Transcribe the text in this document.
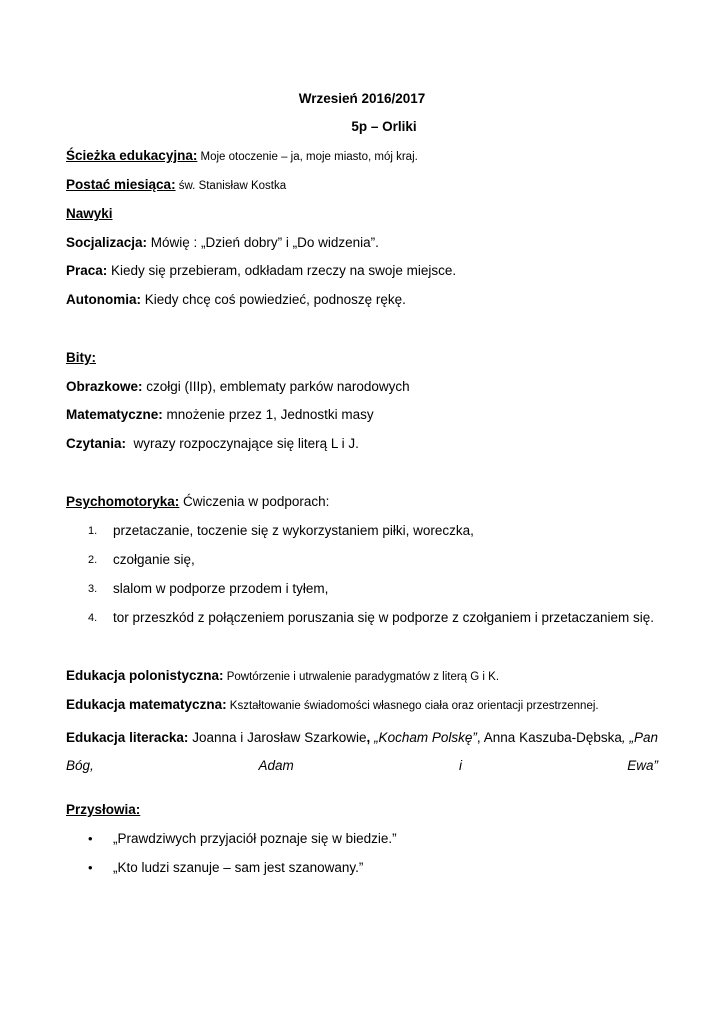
Wrzesień 2016/2017
5p – Orliki
Ścieżka edukacyjna: Moje otoczenie – ja, moje miasto, mój kraj.
Postać miesiąca: św. Stanisław Kostka
Nawyki
Socjalizacja: Mówię : „Dzień dobry” i „Do widzenia”.
Praca: Kiedy się przebieram, odkładam rzeczy na swoje miejsce.
Autonomia: Kiedy chcę coś powiedzieć, podnoszę rękę.
Bity:
Obrazkowe: czołgi (IIIp), emblematy parków narodowych
Matematyczne: mnożenie przez 1, Jednostki masy
Czytania:  wyrazy rozpoczynające się literą L i J.
Psychomotoryka: Ćwiczenia w podporach:
1. przetaczanie, toczenie się z wykorzystaniem piłki, woreczka,
2. czołganie się,
3. slalom w podporze przodem i tyłem,
4. tor przeszkód z połączeniem poruszania się w podporze z czołganiem i przetaczaniem się.
Edukacja polonistyczna: Powtórzenie i utrwalenie paradygmatów z literą G i K.
Edukacja matematyczna: Kształtowanie świadomości własnego ciała oraz orientacji przestrzennej.
Edukacja literacka: Joanna i Jarosław Szarkowie, „Kocham Polskę”, Anna Kaszuba-Dębska, „Pan Bóg, Adam i Ewa”
Przysłowia:
• „Prawdziwych przyjaciół poznaje się w biedzie.”
• „Kto ludzi szanuje – sam jest szanowany.”
